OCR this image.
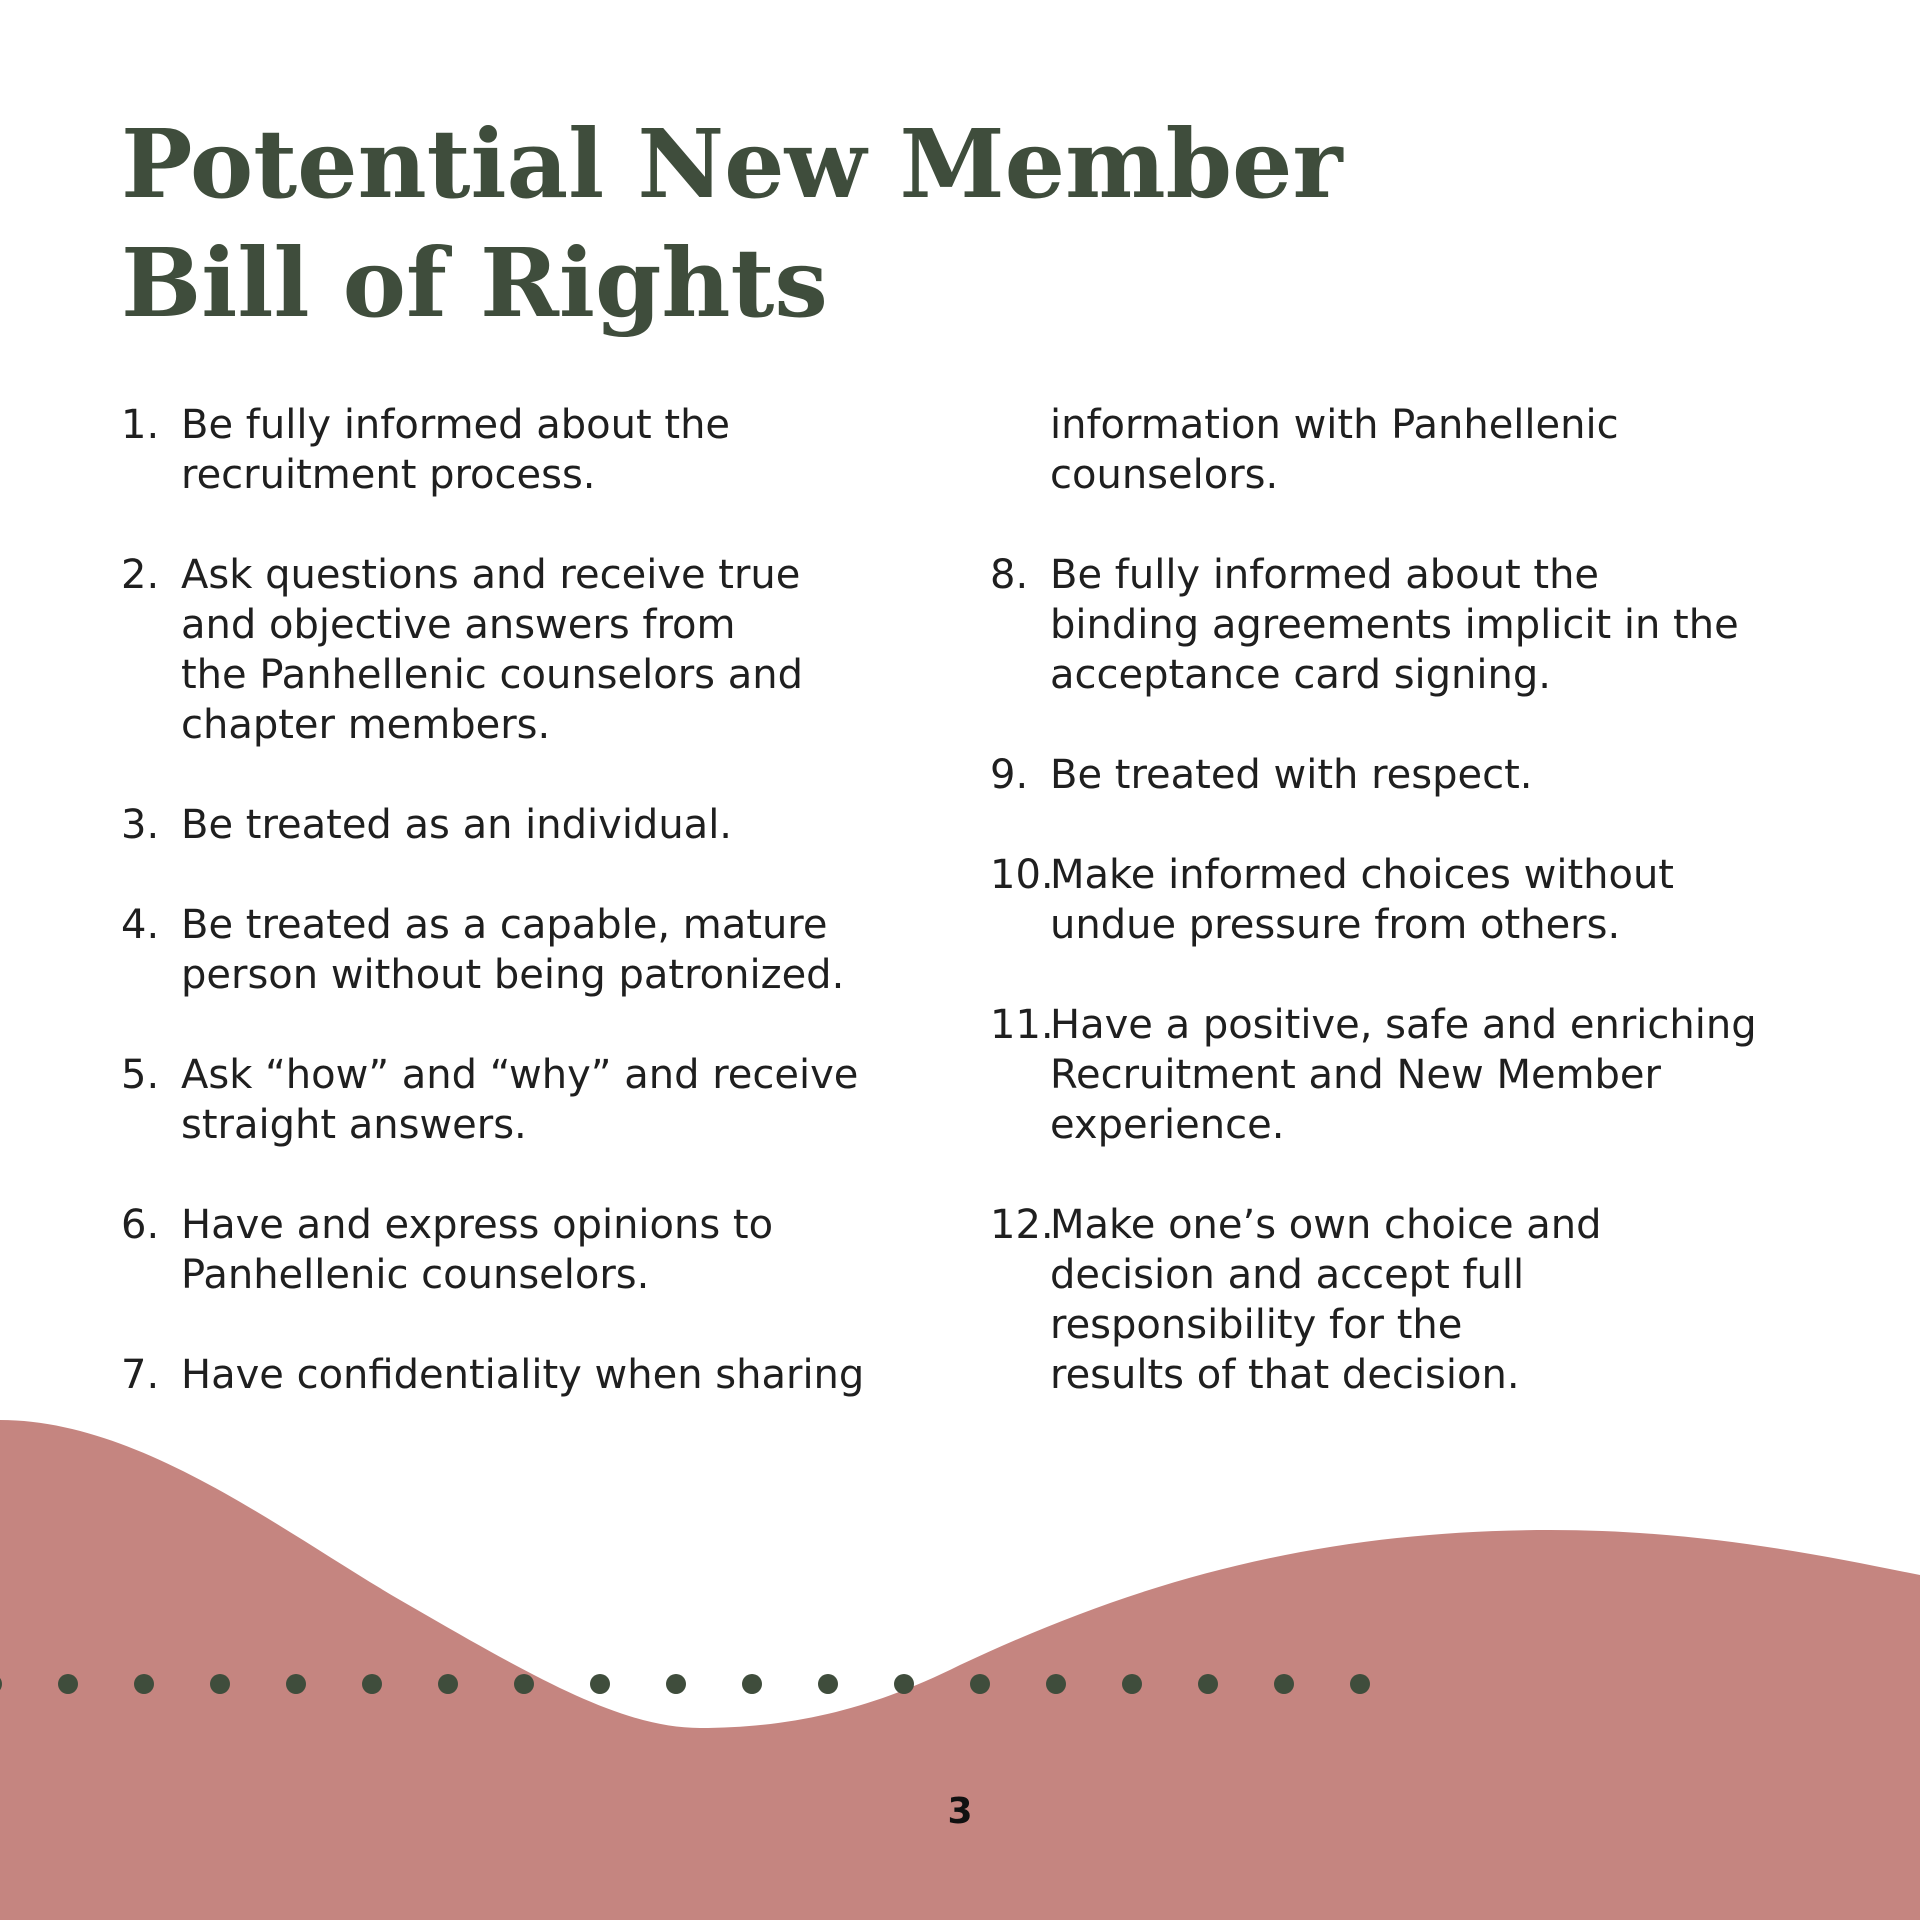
Potential New Member
Bill of Rights
1. Be fully informed about the
recruitment process.
2. Ask questions and receive true
and objective answers from
the Panhellenic counselors and
chapter members.
3. Be treated as an individual.
4. Be treated as a capable, mature
person without being patronized.
5. Ask “how” and “why” and receive
straight answers.
6. Have and express opinions to
Panhellenic counselors.
7. Have confidentiality when sharing
information with Panhellenic
counselors.
8. Be fully informed about the
binding agreements implicit in the
acceptance card signing.
9. Be treated with respect.
10.
Make informed choices without
undue pressure from others.
11.
Have a positive, safe and enriching
Recruitment and New Member
experience.
12.
Make one’s own choice and
decision and accept full
responsibility for the
results of that decision.
3
